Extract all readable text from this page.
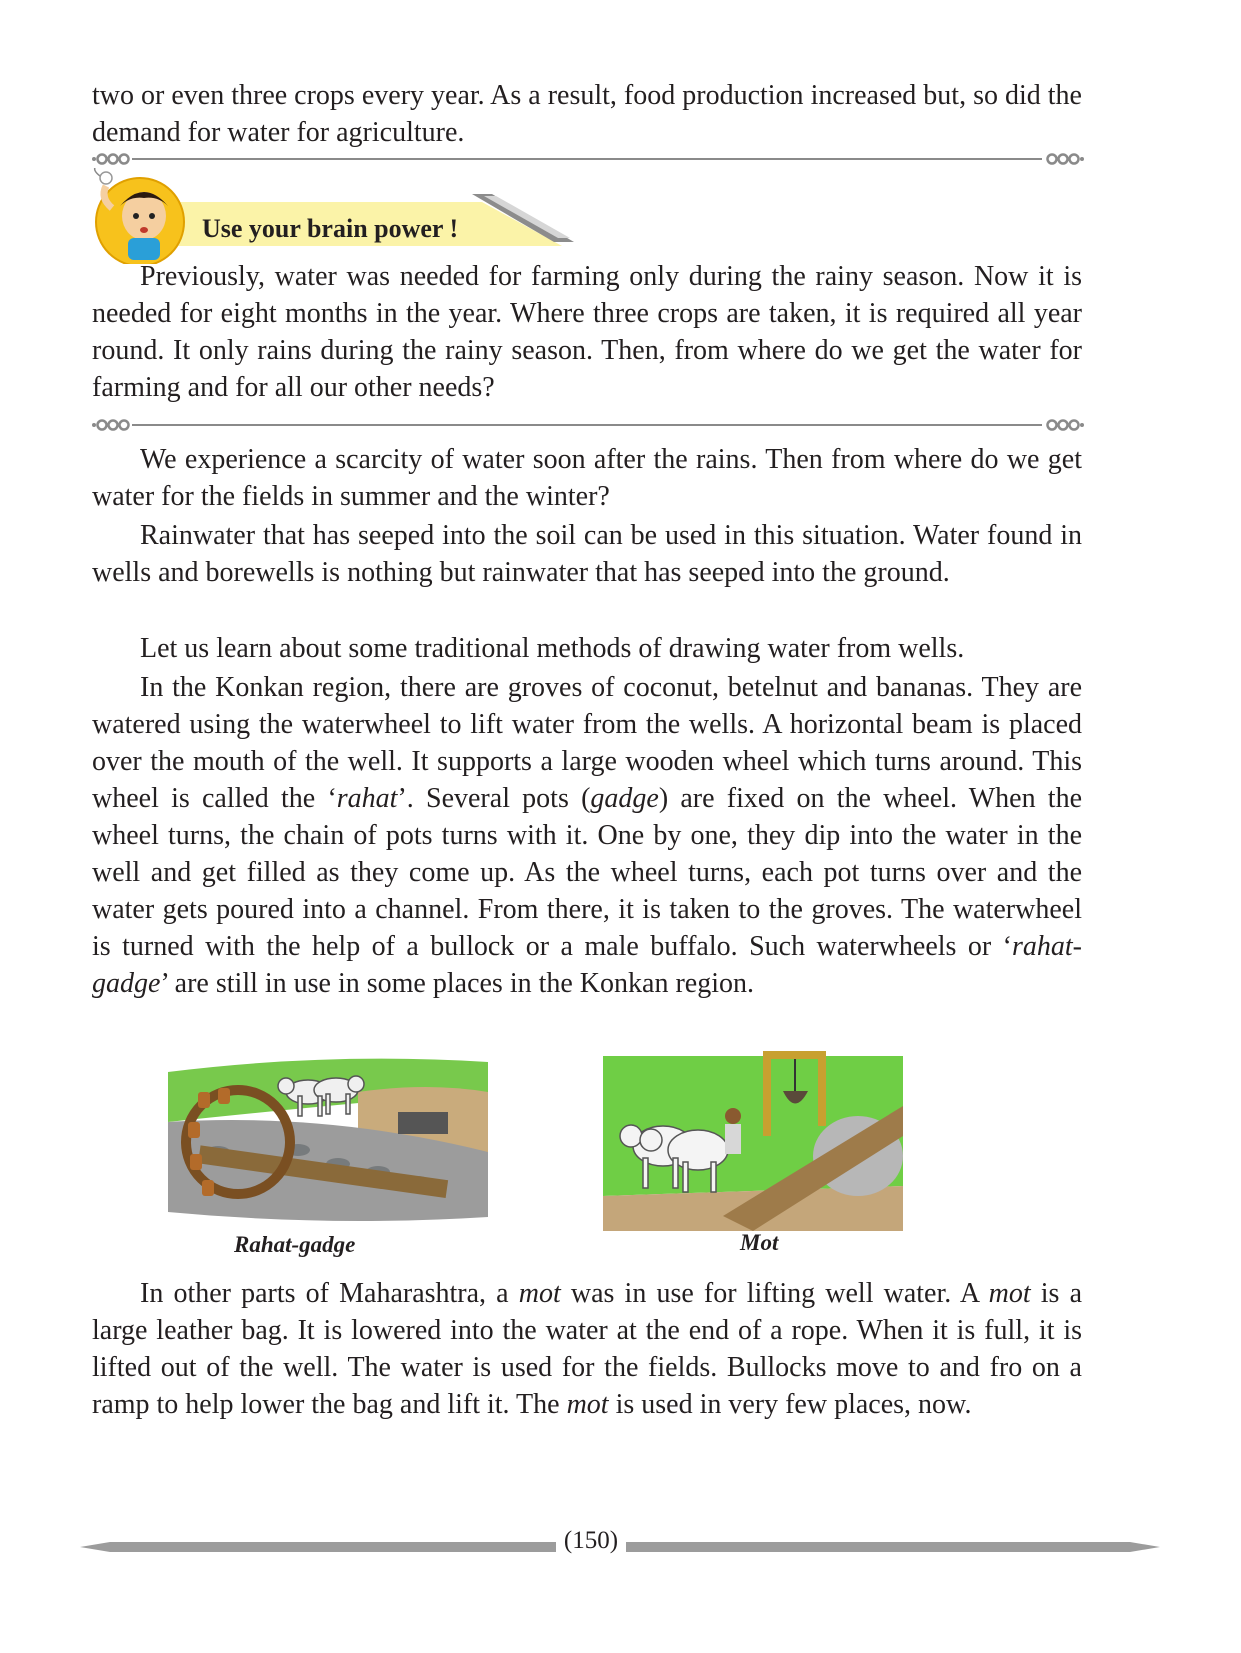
two or even three crops every year. As a result, food production increased but, so did the demand for water for agriculture.

Use your brain power !

Previously, water was needed for farming only during the rainy season. Now it is needed for eight months in the year. Where three crops are taken, it is required all year round. It only rains during the rainy season. Then, from where do we get the water for farming and for all our other needs?

We experience a scarcity of water soon after the rains. Then from where do we get water for the fields in summer and the winter?

Rainwater that has seeped into the soil can be used in this situation. Water found in wells and borewells is nothing but rainwater that has seeped into the ground.

Let us learn about some traditional methods of drawing water from wells.

In the Konkan region, there are groves of coconut, betelnut and bananas. They are watered using the waterwheel to lift water from the wells. A horizontal beam is placed over the mouth of the well. It supports a large wooden wheel which turns around. This wheel is called the ‘rahat’. Several pots (gadge) are fixed on the wheel. When the wheel turns, the chain of pots turns with it. One by one, they dip into the water in the well and get filled as they come up. As the wheel turns, each pot turns over and the water gets poured into a channel. From there, it is taken to the groves. The waterwheel is turned with the help of a bullock or a male buffalo. Such waterwheels or ‘rahat-gadge’ are still in use in some places in the Konkan region.

Rahat-gadge	Mot

In other parts of Maharashtra, a mot was in use for lifting well water. A mot is a large leather bag. It is lowered into the water at the end of a rope. When it is full, it is lifted out of the well. The water is used for the fields. Bullocks move to and fro on a ramp to help lower the bag and lift it. The mot is used in very few places, now.

(150)
